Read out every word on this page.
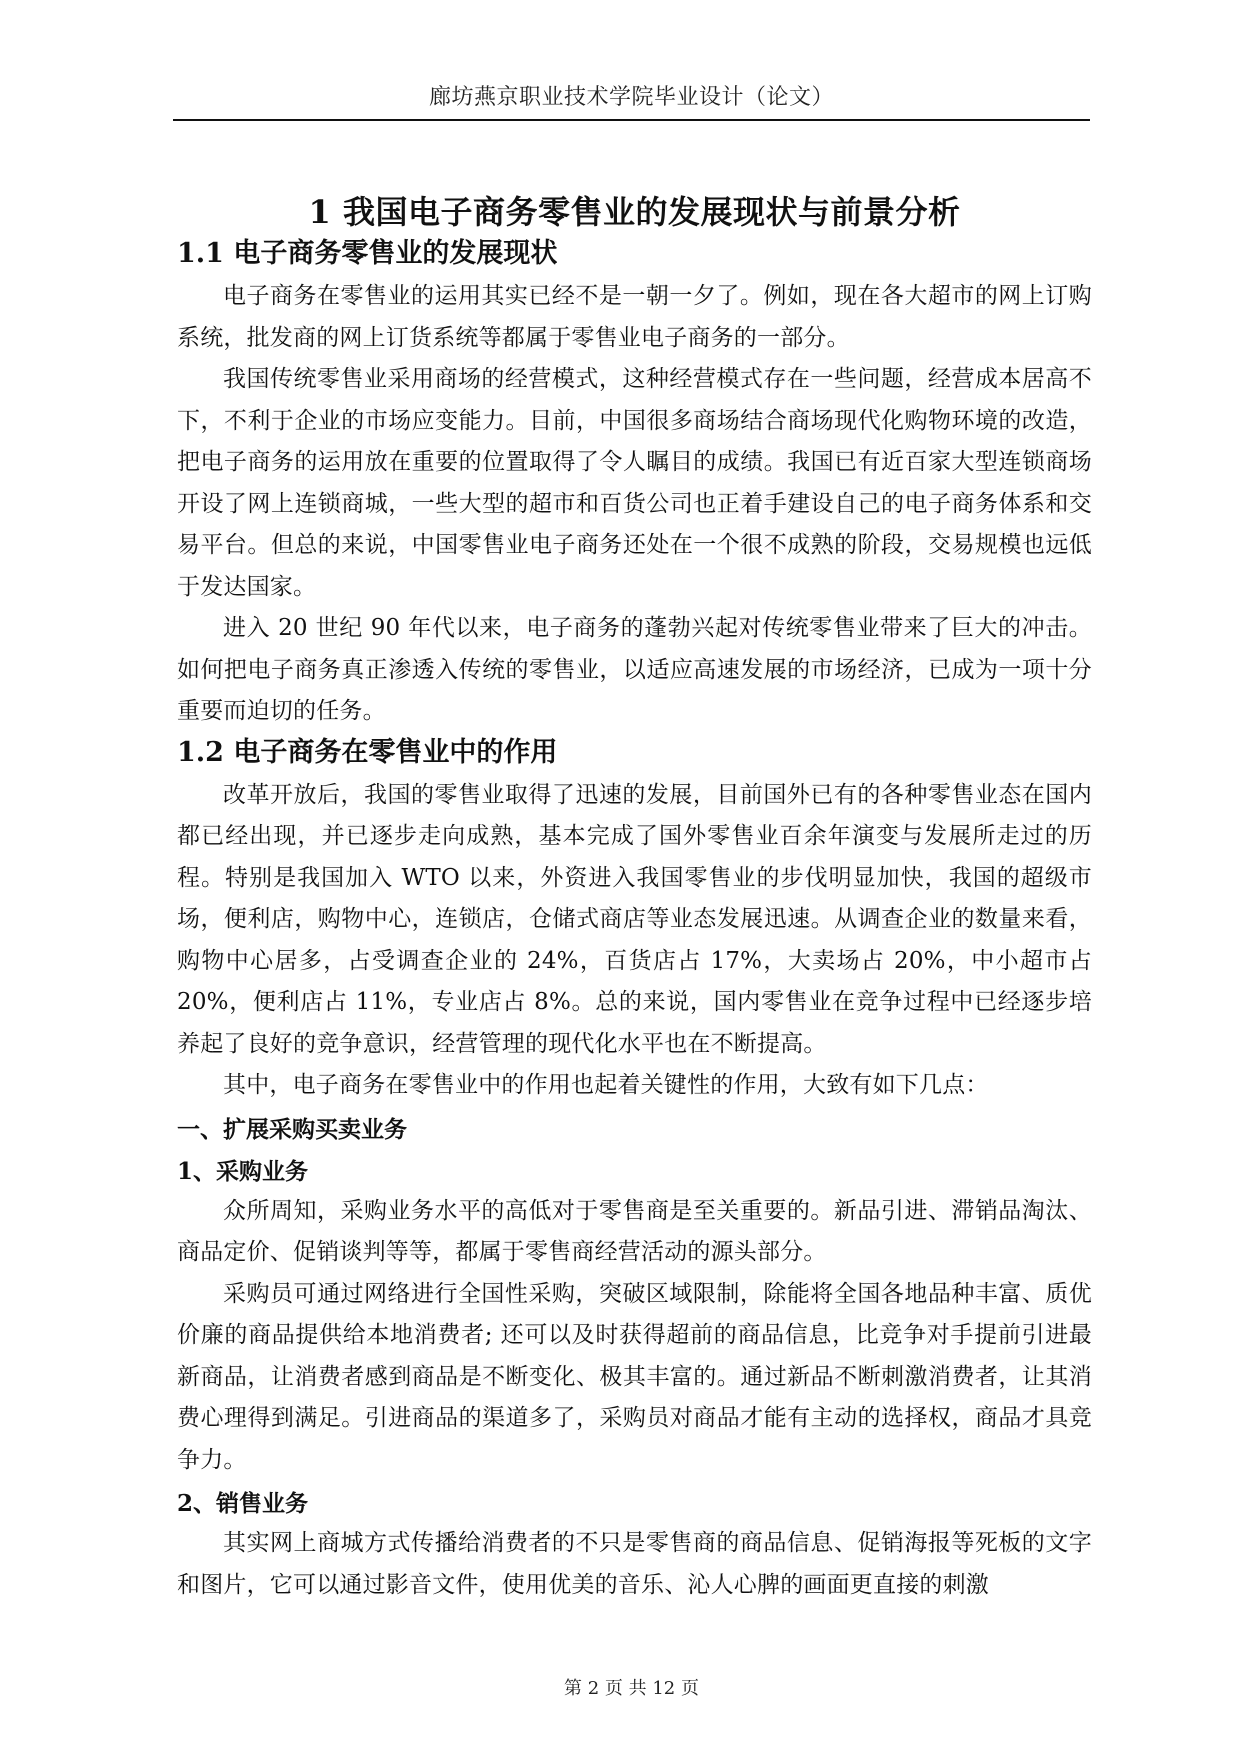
廊坊燕京职业技术学院毕业设计（论文）
1 我国电子商务零售业的发展现状与前景分析
1.1 电子商务零售业的发展现状

电子商务在零售业的运用其实已经不是一朝一夕了。例如，现在各大超市的网上订购系统，批发商的网上订货系统等都属于零售业电子商务的一部分。

我国传统零售业采用商场的经营模式，这种经营模式存在一些问题，经营成本居高不下，不利于企业的市场应变能力。目前，中国很多商场结合商场现代化购物环境的改造，把电子商务的运用放在重要的位置取得了令人瞩目的成绩。我国已有近百家大型连锁商场开设了网上连锁商城，一些大型的超市和百货公司也正着手建设自己的电子商务体系和交易平台。但总的来说，中国零售业电子商务还处在一个很不成熟的阶段，交易规模也远低于发达国家。

进入 20 世纪 90 年代以来，电子商务的蓬勃兴起对传统零售业带来了巨大的冲击。如何把电子商务真正渗透入传统的零售业，以适应高速发展的市场经济，已成为一项十分重要而迫切的任务。

1.2 电子商务在零售业中的作用

改革开放后，我国的零售业取得了迅速的发展，目前国外已有的各种零售业态在国内都已经出现，并已逐步走向成熟，基本完成了国外零售业百余年演变与发展所走过的历程。特别是我国加入 WTO 以来，外资进入我国零售业的步伐明显加快，我国的超级市场，便利店，购物中心，连锁店，仓储式商店等业态发展迅速。从调查企业的数量来看，购物中心居多，占受调查企业的 24%，百货店占 17%，大卖场占 20%，中小超市占 20%，便利店占 11%，专业店占 8%。总的来说，国内零售业在竞争过程中已经逐步培养起了良好的竞争意识，经营管理的现代化水平也在不断提高。

其中，电子商务在零售业中的作用也起着关键性的作用，大致有如下几点：

一、扩展采购买卖业务
1、采购业务

众所周知，采购业务水平的高低对于零售商是至关重要的。新品引进、滞销品淘汰、商品定价、促销谈判等等，都属于零售商经营活动的源头部分。

采购员可通过网络进行全国性采购，突破区域限制，除能将全国各地品种丰富、质优价廉的商品提供给本地消费者; 还可以及时获得超前的商品信息，比竞争对手提前引进最新商品，让消费者感到商品是不断变化、极其丰富的。通过新品不断刺激消费者，让其消费心理得到满足。引进商品的渠道多了，采购员对商品才能有主动的选择权，商品才具竞争力。

2、销售业务

其实网上商城方式传播给消费者的不只是零售商的商品信息、促销海报等死板的文字和图片，它可以通过影音文件，使用优美的音乐、沁人心脾的画面更直接的刺激

第 2 页 共 12 页
